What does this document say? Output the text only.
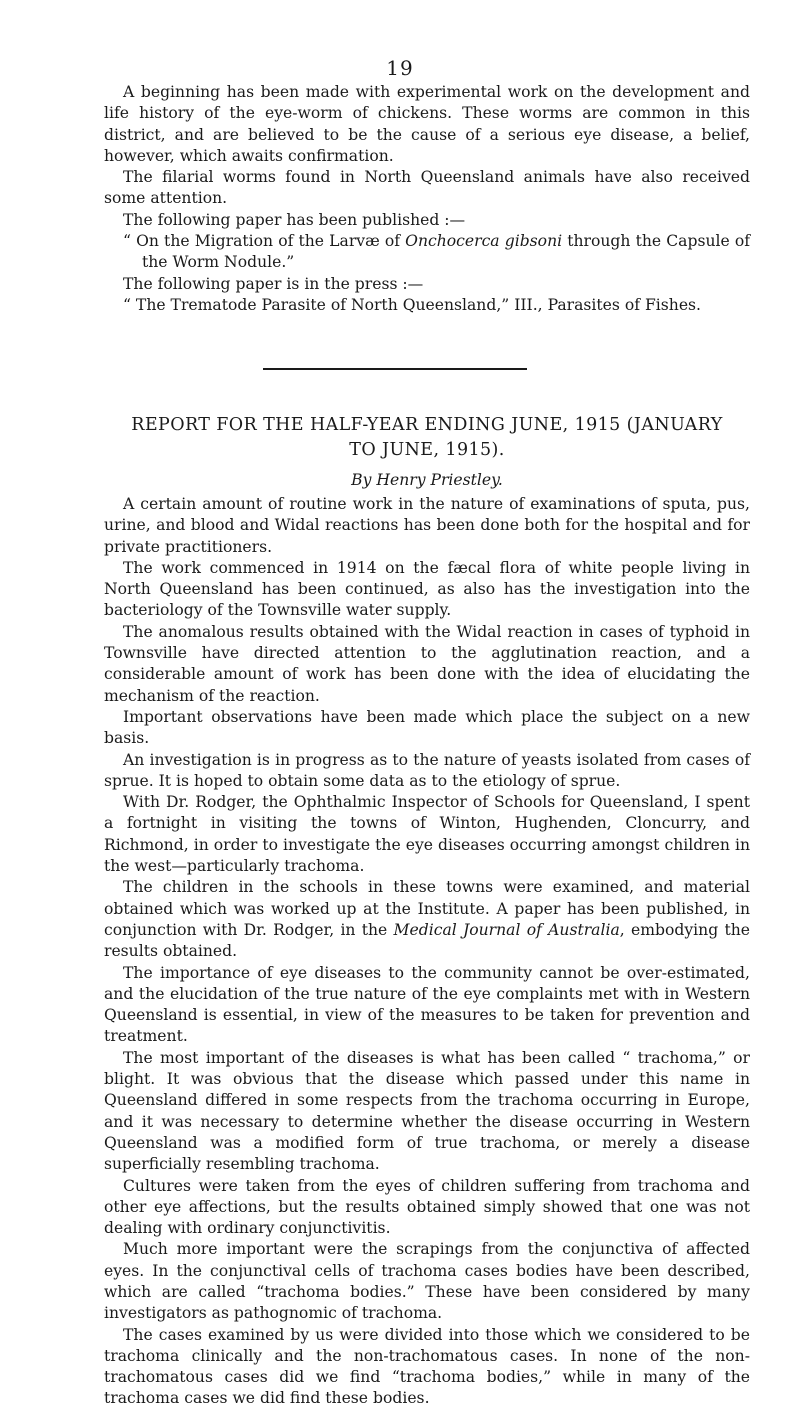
19

A beginning has been made with experimental work on the development and life history of the eye-worm of chickens. These worms are common in this district, and are believed to be the cause of a serious eye disease, a belief, however, which awaits confirmation.

The filarial worms found in North Queensland animals have also received some attention.

The following paper has been published :—

“ On the Migration of the Larvæ of Onchocerca gibsoni through the Capsule of the Worm Nodule.”

The following paper is in the press :—

“ The Trematode Parasite of North Queensland,” III., Parasites of Fishes.

REPORT FOR THE HALF-YEAR ENDING JUNE, 1915 (JANUARY TO JUNE, 1915).

By Henry Priestley.

A certain amount of routine work in the nature of examinations of sputa, pus, urine, and blood and Widal reactions has been done both for the hospital and for private practitioners.

The work commenced in 1914 on the fæcal flora of white people living in North Queensland has been continued, as also has the investigation into the bacteriology of the Townsville water supply.

The anomalous results obtained with the Widal reaction in cases of typhoid in Townsville have directed attention to the agglutination reaction, and a considerable amount of work has been done with the idea of elucidating the mechanism of the reaction.

Important observations have been made which place the subject on a new basis.

An investigation is in progress as to the nature of yeasts isolated from cases of sprue. It is hoped to obtain some data as to the etiology of sprue.

With Dr. Rodger, the Ophthalmic Inspector of Schools for Queensland, I spent a fortnight in visiting the towns of Winton, Hughenden, Cloncurry, and Richmond, in order to investigate the eye diseases occurring amongst children in the west—particularly trachoma.

The children in the schools in these towns were examined, and material obtained which was worked up at the Institute. A paper has been published, in conjunction with Dr. Rodger, in the Medical Journal of Australia, embodying the results obtained.

The importance of eye diseases to the community cannot be over-estimated, and the elucidation of the true nature of the eye complaints met with in Western Queensland is essential, in view of the measures to be taken for prevention and treatment.

The most important of the diseases is what has been called “ trachoma,” or blight. It was obvious that the disease which passed under this name in Queensland differed in some respects from the trachoma occurring in Europe, and it was necessary to determine whether the disease occurring in Western Queensland was a modified form of true trachoma, or merely a disease superficially resembling trachoma.

Cultures were taken from the eyes of children suffering from trachoma and other eye affections, but the results obtained simply showed that one was not dealing with ordinary conjunctivitis.

Much more important were the scrapings from the conjunctiva of affected eyes. In the conjunctival cells of trachoma cases bodies have been described, which are called “trachoma bodies.” These have been considered by many investigators as pathognomic of trachoma.

The cases examined by us were divided into those which we considered to be trachoma clinically and the non-trachomatous cases. In none of the non-trachomatous cases did we find “trachoma bodies,” while in many of the trachoma cases we did find these bodies.
